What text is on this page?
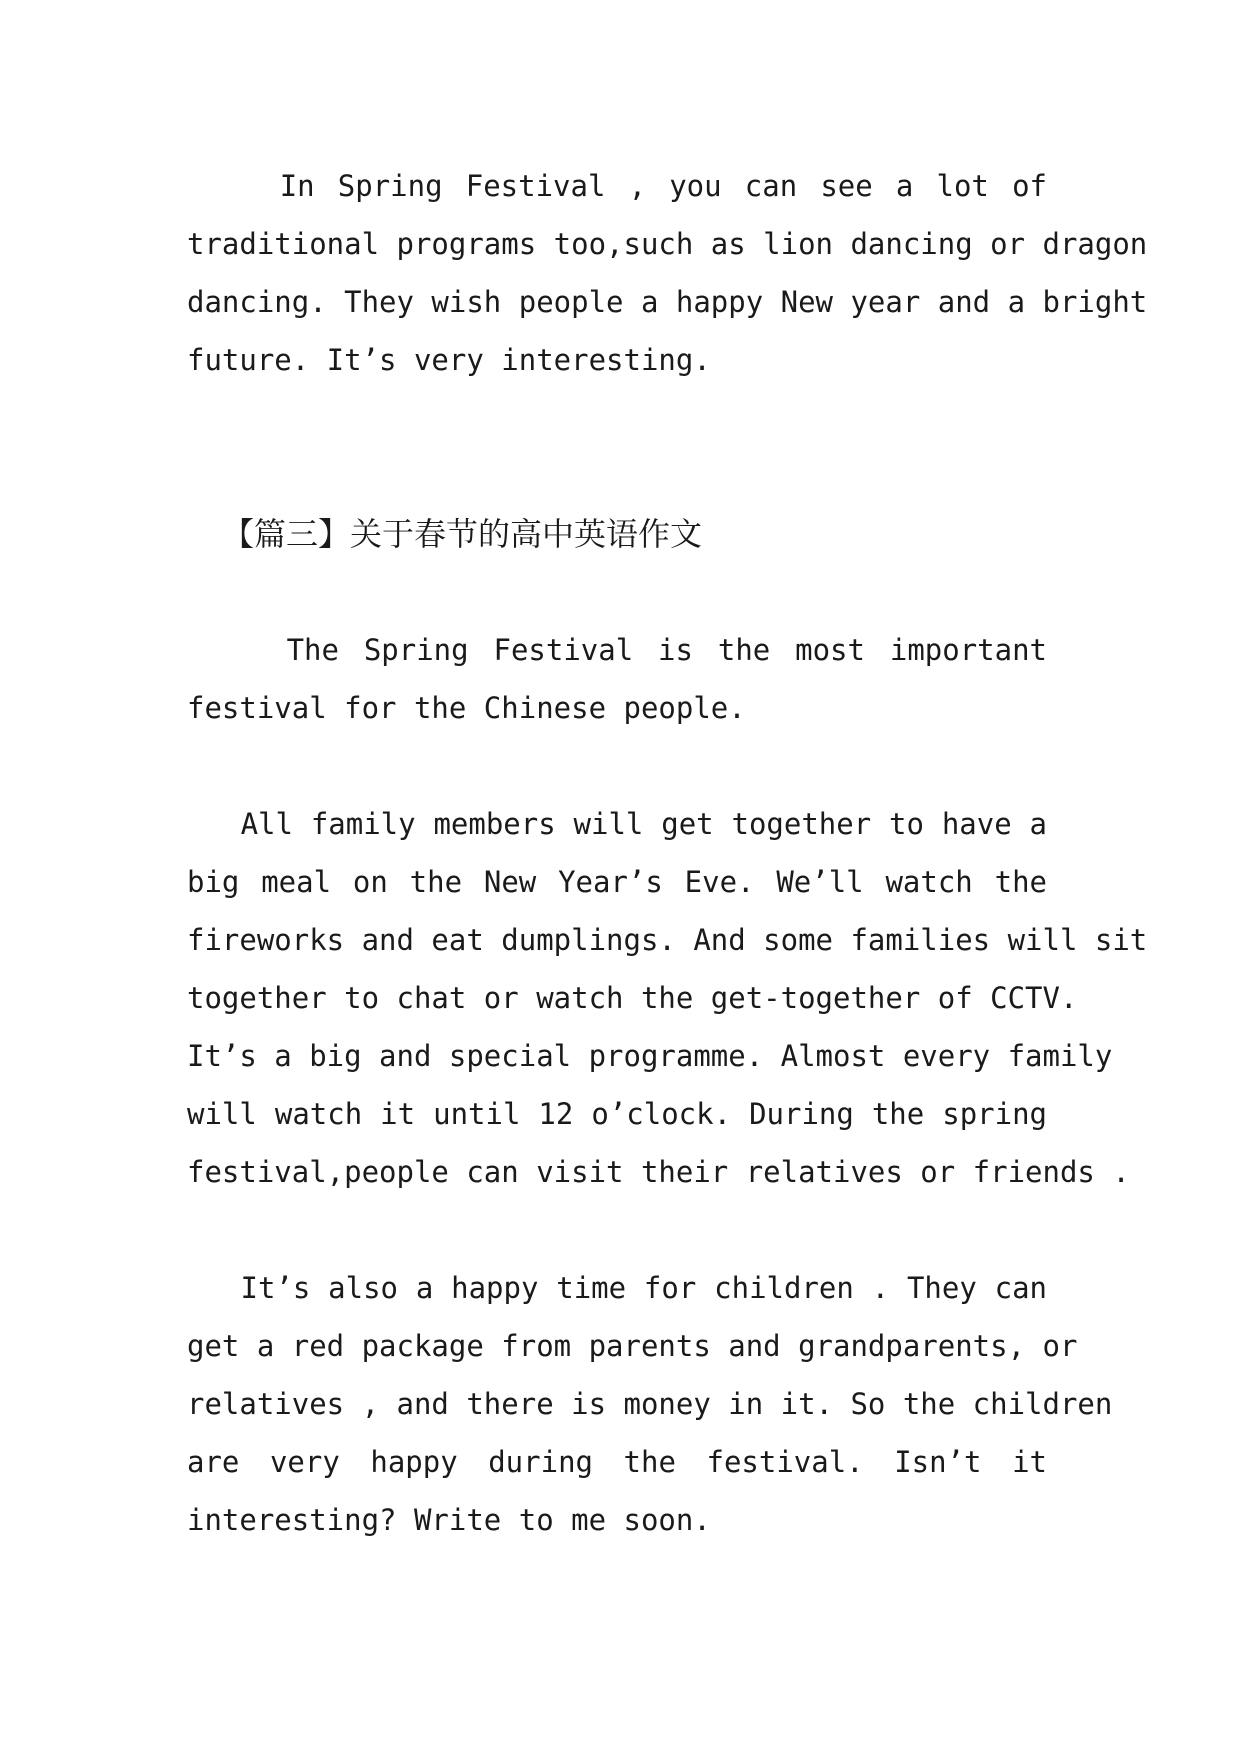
In Spring Festival , you can see a lot of
traditional programs too,such as lion dancing or dragon
dancing. They wish people a happy New year and a bright
future. It’s very interesting.
【篇三】关于春节的高中英语作文
The Spring Festival is the most important
festival for the Chinese people.
All family members will get together to have a
big meal on the New Year’s Eve. We’ll watch the
fireworks and eat dumplings. And some families will sit
together to chat or watch the get-together of CCTV.
It’s a big and special programme. Almost every family
will watch it until 12 o’clock. During the spring
festival,people can visit their relatives or friends .
It’s also a happy time for children . They can
get a red package from parents and grandparents, or
relatives , and there is money in it. So the children
are very happy during the festival. Isn’t it
interesting? Write to me soon.
